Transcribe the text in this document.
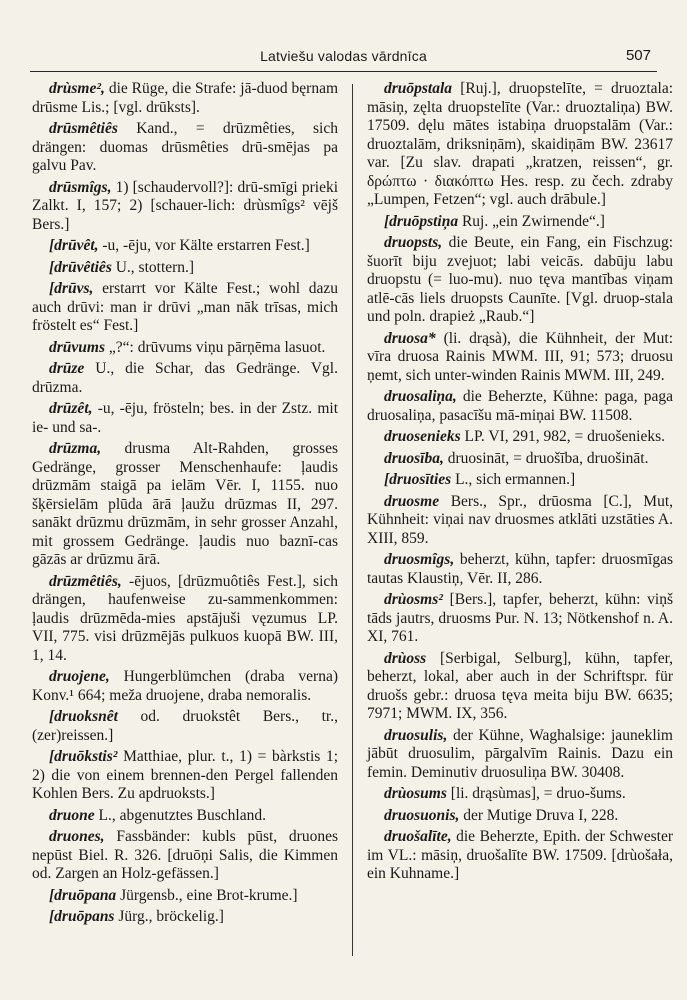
Latviešu valodas vārdnīca	507

drùsme², die Rüge, die Strafe: jā-duod bęrnam drūsme Lis.; [vgl. drūksts].

drūsmêtiês Kand., = drūzmêties, sich drängen: duomas drūsmêties drū-smējas pa galvu Pav.

drūsmîgs, 1) [schaudervoll?]: drū-smīgi prieki Zalkt. I, 157; 2) [schauer-lich: drùsmîgs² vējš Bers.]

[drūvêt, -u, -ēju, vor Kälte erstarren Fest.]

[drūvêtiês U., stottern.]

[drūvs, erstarrt vor Kälte Fest.; wohl dazu auch drūvi: man ir drūvi „man nāk trīsas, mich fröstelt es“ Fest.]

drūvums „?“: drūvums viņu pārņēma lasuot.

drūze U., die Schar, das Gedränge. Vgl. drūzma.

drūzêt, -u, -ēju, frösteln; bes. in der Zstz. mit ie- und sa-.

drūzma, drusma Alt-Rahden, grosses Gedränge, grosser Menschenhaufe: ļaudis drūzmām staigā pa ielām Vēr. I, 1155. nuo šķērsielām plūda ārā ļaužu drūzmas II, 297. sanākt drūzmu drūzmām, in sehr grosser Anzahl, mit grossem Gedränge. ļaudis nuo baznī-cas gāzās ar drūzmu ārā.

drūzmêtiês, -ējuos, [drūzmuôtiês Fest.], sich drängen, haufenweise zu-sammenkommen: ļaudis drūzmēda-mies apstājuši vęzumus LP. VII, 775. visi drūzmējās pulkuos kuopā BW. III, 1, 14.

druojene, Hungerblümchen (draba verna) Konv.¹ 664; meža druojene, draba nemoralis.

[druoksnêt od. druokstêt Bers., tr., (zer)reissen.]

[druōkstis² Matthiae, plur. t., 1) = bàrkstis 1; 2) die von einem brennen-den Pergel fallenden Kohlen Bers. Zu apdruoksts.]

druone L., abgenutztes Buschland.

druones, Fassbänder: kubls pūst, druones nepūst Biel. R. 326. [druōņi Salis, die Kimmen od. Zargen an Holz-gefässen.]

[druōpana Jürgensb., eine Brot-krume.]

[druōpans Jürg., bröckelig.]

druōpstala [Ruj.], druopstelīte, = druoztala: māsiņ, zęlta druopstelīte (Var.: druoztaliņa) BW. 17509. dęlu mātes istabiņa druopstalām (Var.: druoztalām, driksniņām), skaidiņām BW. 23617 var. [Zu slav. drapati „kratzen, reissen“, gr. δρώπτω · διακόπτω Hes. resp. zu čech. zdraby „Lumpen, Fetzen“; vgl. auch drābule.]

[druōpstiņa Ruj. „ein Zwirnende“.]

druopsts, die Beute, ein Fang, ein Fischzug: šuorīt biju zvejuot; labi veicās. dabūju labu druopstu (= luo-mu). nuo tęva mantības viņam atlē-cās liels druopsts Caunīte. [Vgl. druop-stala und poln. drapież „Raub.“]

druosa* (li. drąsà), die Kühnheit, der Mut: vīra druosa Rainis MWM. III, 91; 573; druosu ņemt, sich unter-winden Rainis MWM. III, 249.

druosaliņa, die Beherzte, Kühne: paga, paga druosaliņa, pasacīšu mā-miņai BW. 11508.

druosenieks LP. VI, 291, 982, = druošenieks.

druosība, druosināt, = druošība, druošināt.

[druosīties L., sich ermannen.]

druosme Bers., Spr., drūosma [C.], Mut, Kühnheit: viņai nav druosmes atklāti uzstāties A. XIII, 859.

druosmîgs, beherzt, kühn, tapfer: druosmīgas tautas Klaustiņ, Vēr. II, 286.

drùosms² [Bers.], tapfer, beherzt, kühn: viņš tāds jautrs, druosms Pur. N. 13; Nötkenshof n. A. XI, 761.

drùoss [Serbigal, Selburg], kühn, tapfer, beherzt, lokal, aber auch in der Schriftspr. für druošs gebr.: druosa tęva meita biju BW. 6635; 7971; MWM. IX, 356.

druosulis, der Kühne, Waghalsige: jauneklim jābūt druosulim, pārgalvīm Rainis. Dazu ein femin. Deminutiv druosuliņa BW. 30408.

drùosums [li. drąsùmas], = druo-šums.

druosuonis, der Mutige Druva I, 228.

druošalīte, die Beherzte, Epith. der Schwester im VL.: māsiņ, druošalīte BW. 17509. [drùošała, ein Kuhname.]
